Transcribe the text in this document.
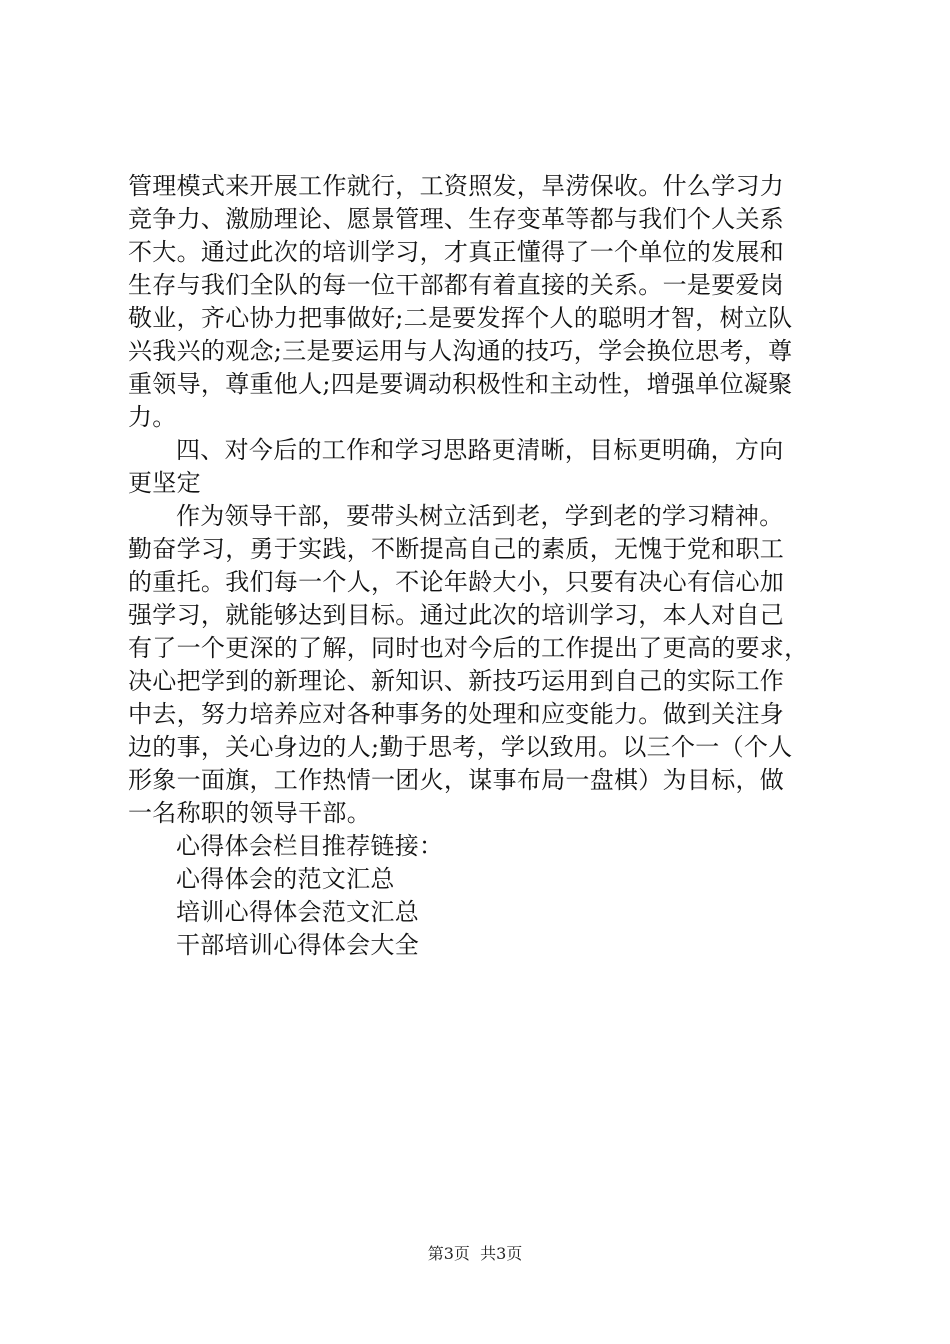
管理模式来开展工作就行，工资照发，旱涝保收。什么学习力
竞争力、激励理论、愿景管理、生存变革等都与我们个人关系
不大。通过此次的培训学习，才真正懂得了一个单位的发展和
生存与我们全队的每一位干部都有着直接的关系。一是要爱岗
敬业，齐心协力把事做好;二是要发挥个人的聪明才智，树立队
兴我兴的观念;三是要运用与人沟通的技巧，学会换位思考，尊
重领导，尊重他人;四是要调动积极性和主动性，增强单位凝聚
力。
四、对今后的工作和学习思路更清晰，目标更明确，方向
更坚定
作为领导干部，要带头树立活到老，学到老的学习精神。
勤奋学习，勇于实践，不断提高自己的素质，无愧于党和职工
的重托。我们每一个人，不论年龄大小，只要有决心有信心加
强学习，就能够达到目标。通过此次的培训学习，本人对自己
有了一个更深的了解，同时也对今后的工作提出了更高的要求，
决心把学到的新理论、新知识、新技巧运用到自己的实际工作
中去，努力培养应对各种事务的处理和应变能力。做到关注身
边的事，关心身边的人;勤于思考，学以致用。以三个一（个人
形象一面旗，工作热情一团火，谋事布局一盘棋）为目标，做
一名称职的领导干部。
心得体会栏目推荐链接：
心得体会的范文汇总
培训心得体会范文汇总
干部培训心得体会大全
第3页  共3页
